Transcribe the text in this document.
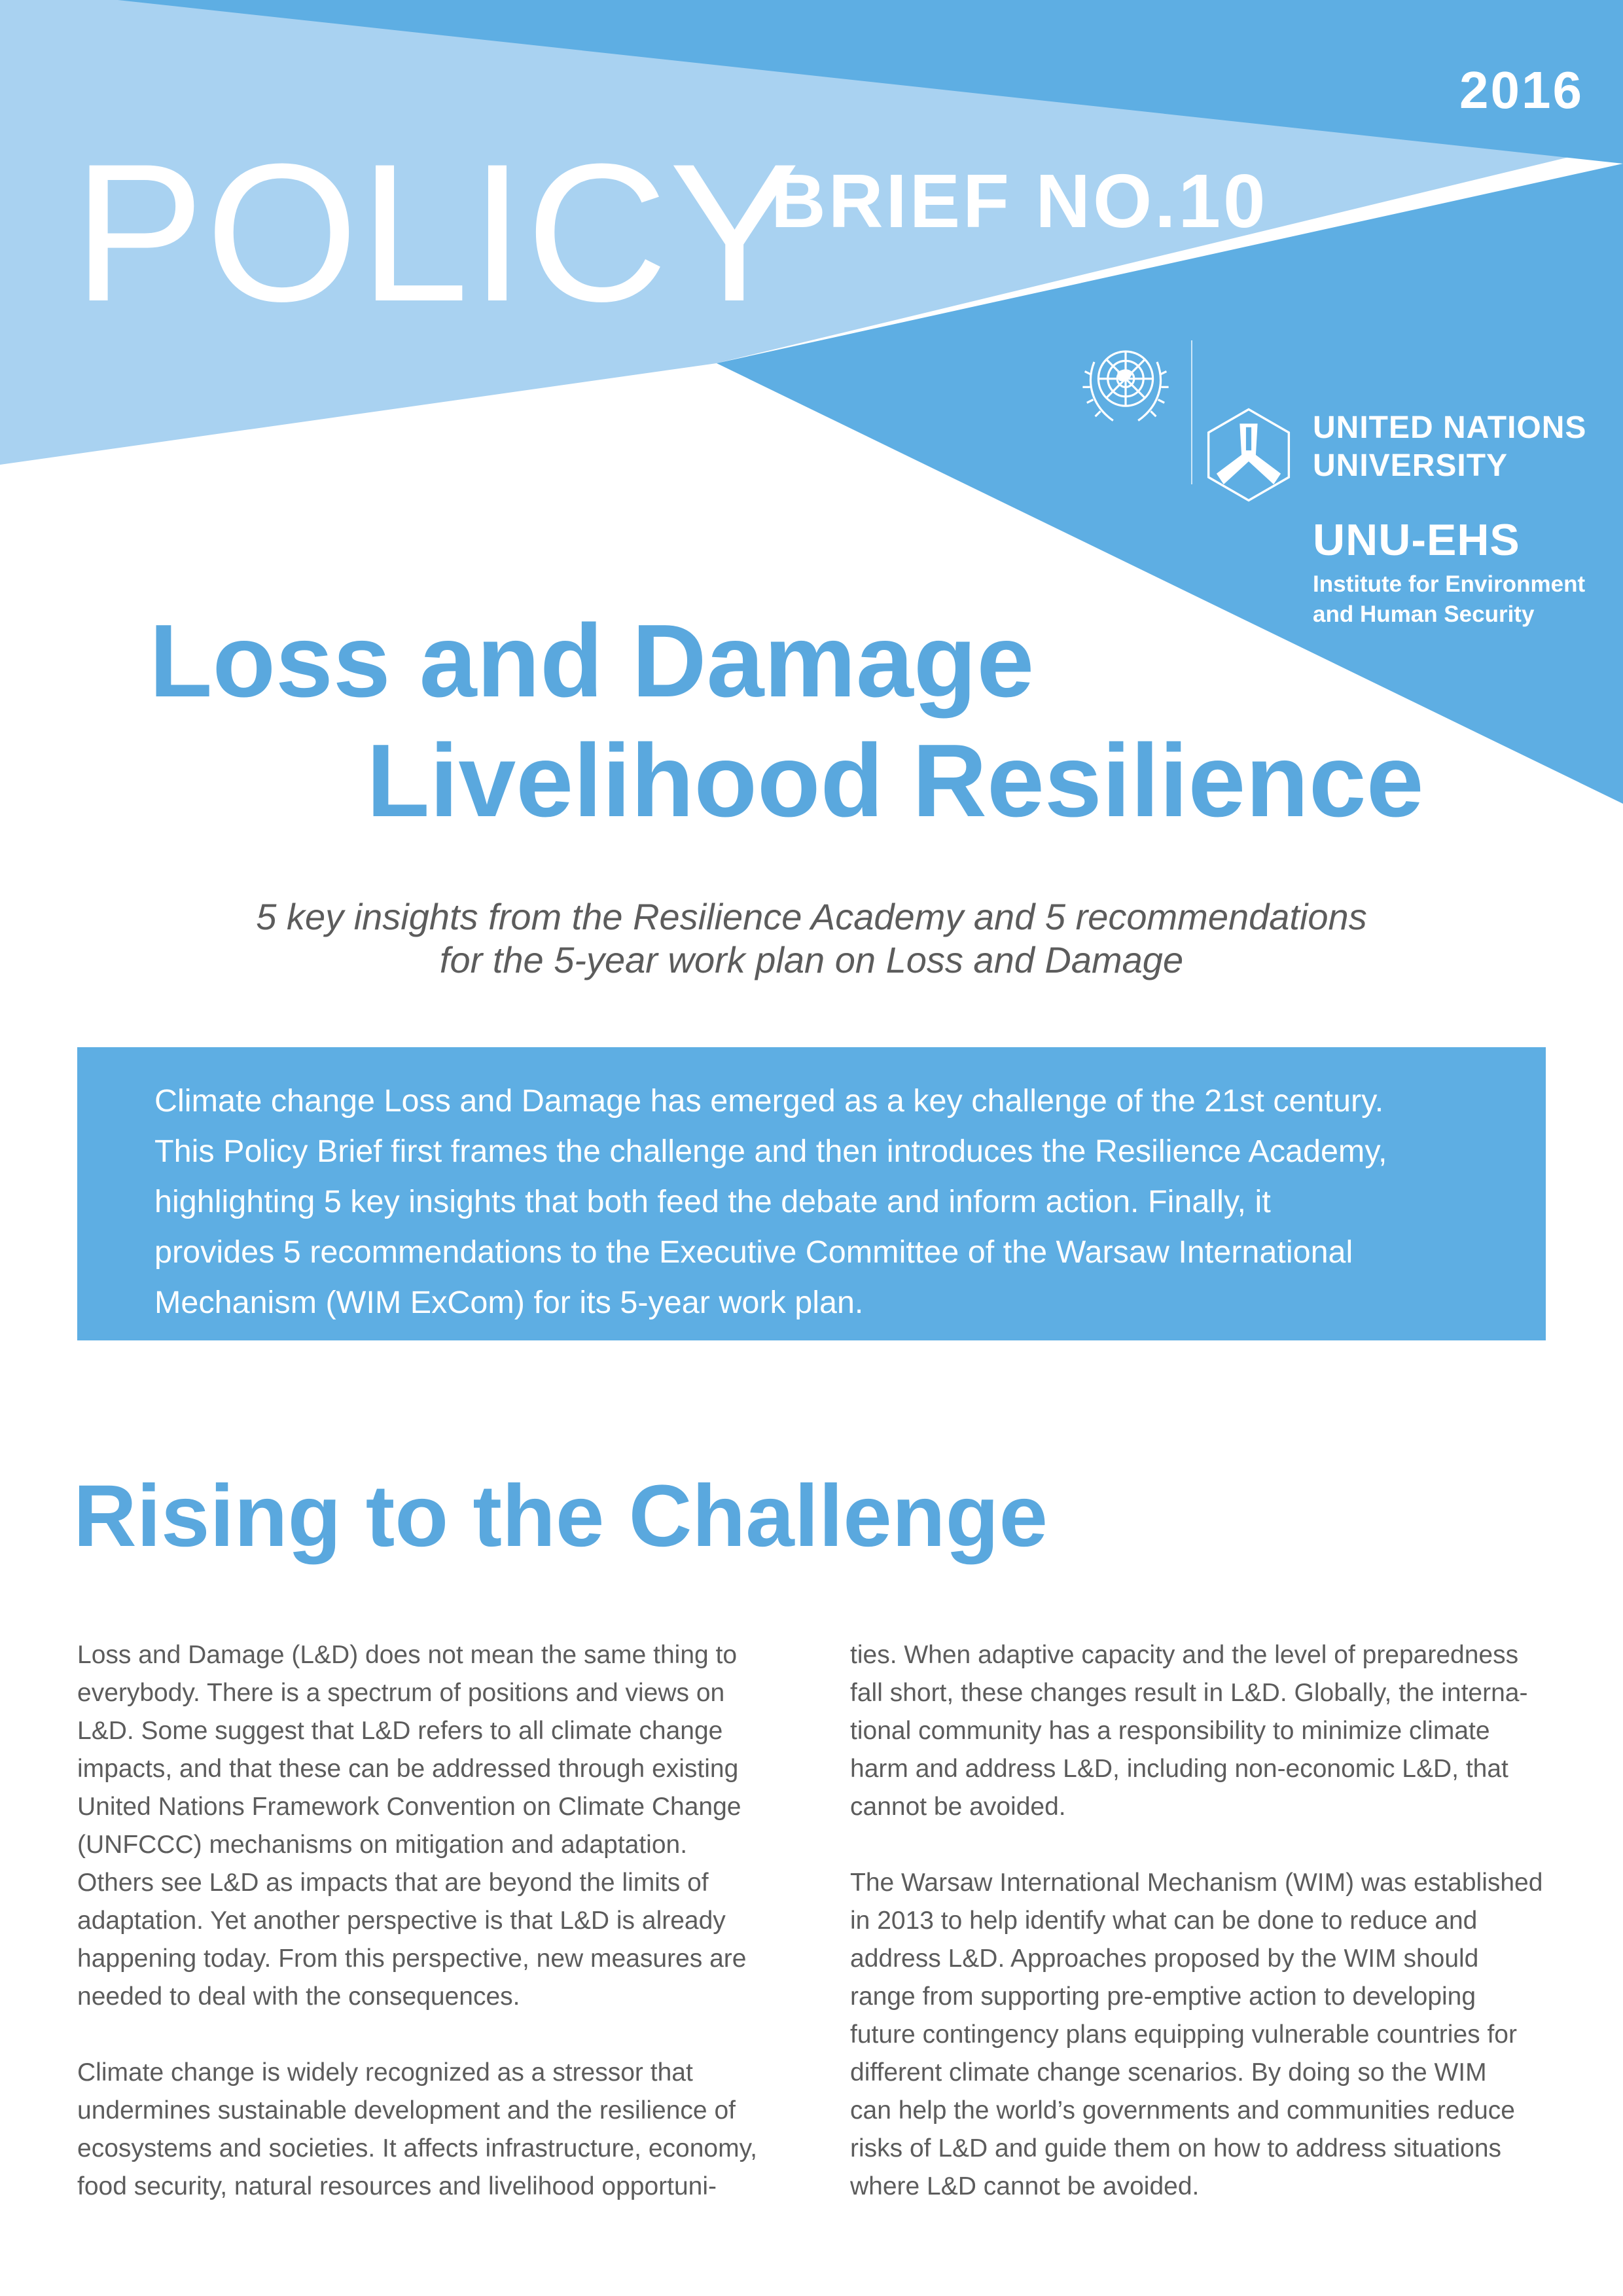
2016
POLICY
BRIEF NO.10
UNITED NATIONS
UNIVERSITY
UNU-EHS
Institute for Environment
and Human Security
Loss and Damage
Livelihood Resilience
5 key insights from the Resilience Academy and 5 recommendations
for the 5-year work plan on Loss and Damage

Climate change Loss and Damage has emerged as a key challenge of the 21st century.

This Policy Brief first frames the challenge and then introduces the Resilience Academy,

highlighting 5 key insights that both feed the debate and inform action. Finally, it

provides 5 recommendations to the Executive Committee of the Warsaw International

Mechanism (WIM ExCom) for its 5-year work plan.

Rising to the Challenge

Loss and Damage (L&D) does not mean the same thing to
everybody. There is a spectrum of positions and views on
L&D. Some suggest that L&D refers to all climate change
impacts, and that these can be addressed through existing
United Nations Framework Convention on Climate Change
(UNFCCC) mechanisms on mitigation and adaptation.
Others see L&D as impacts that are beyond the limits of
adaptation. Yet another perspective is that L&D is already
happening today. From this perspective, new measures are
needed to deal with the consequences.

Climate change is widely recognized as a stressor that
undermines sustainable development and the resilience of
ecosystems and societies. It affects infrastructure, economy,
food security, natural resources and livelihood opportuni-

ties. When adaptive capacity and the level of preparedness
fall short, these changes result in L&D. Globally, the interna-
tional community has a responsibility to minimize climate
harm and address L&D, including non-economic L&D, that
cannot be avoided.

The Warsaw International Mechanism (WIM) was established
in 2013 to help identify what can be done to reduce and
address L&D. Approaches proposed by the WIM should
range from supporting pre-emptive action to developing
future contingency plans equipping vulnerable countries for
different climate change scenarios. By doing so the WIM
can help the world’s governments and communities reduce
risks of L&D and guide them on how to address situations
where L&D cannot be avoided.
